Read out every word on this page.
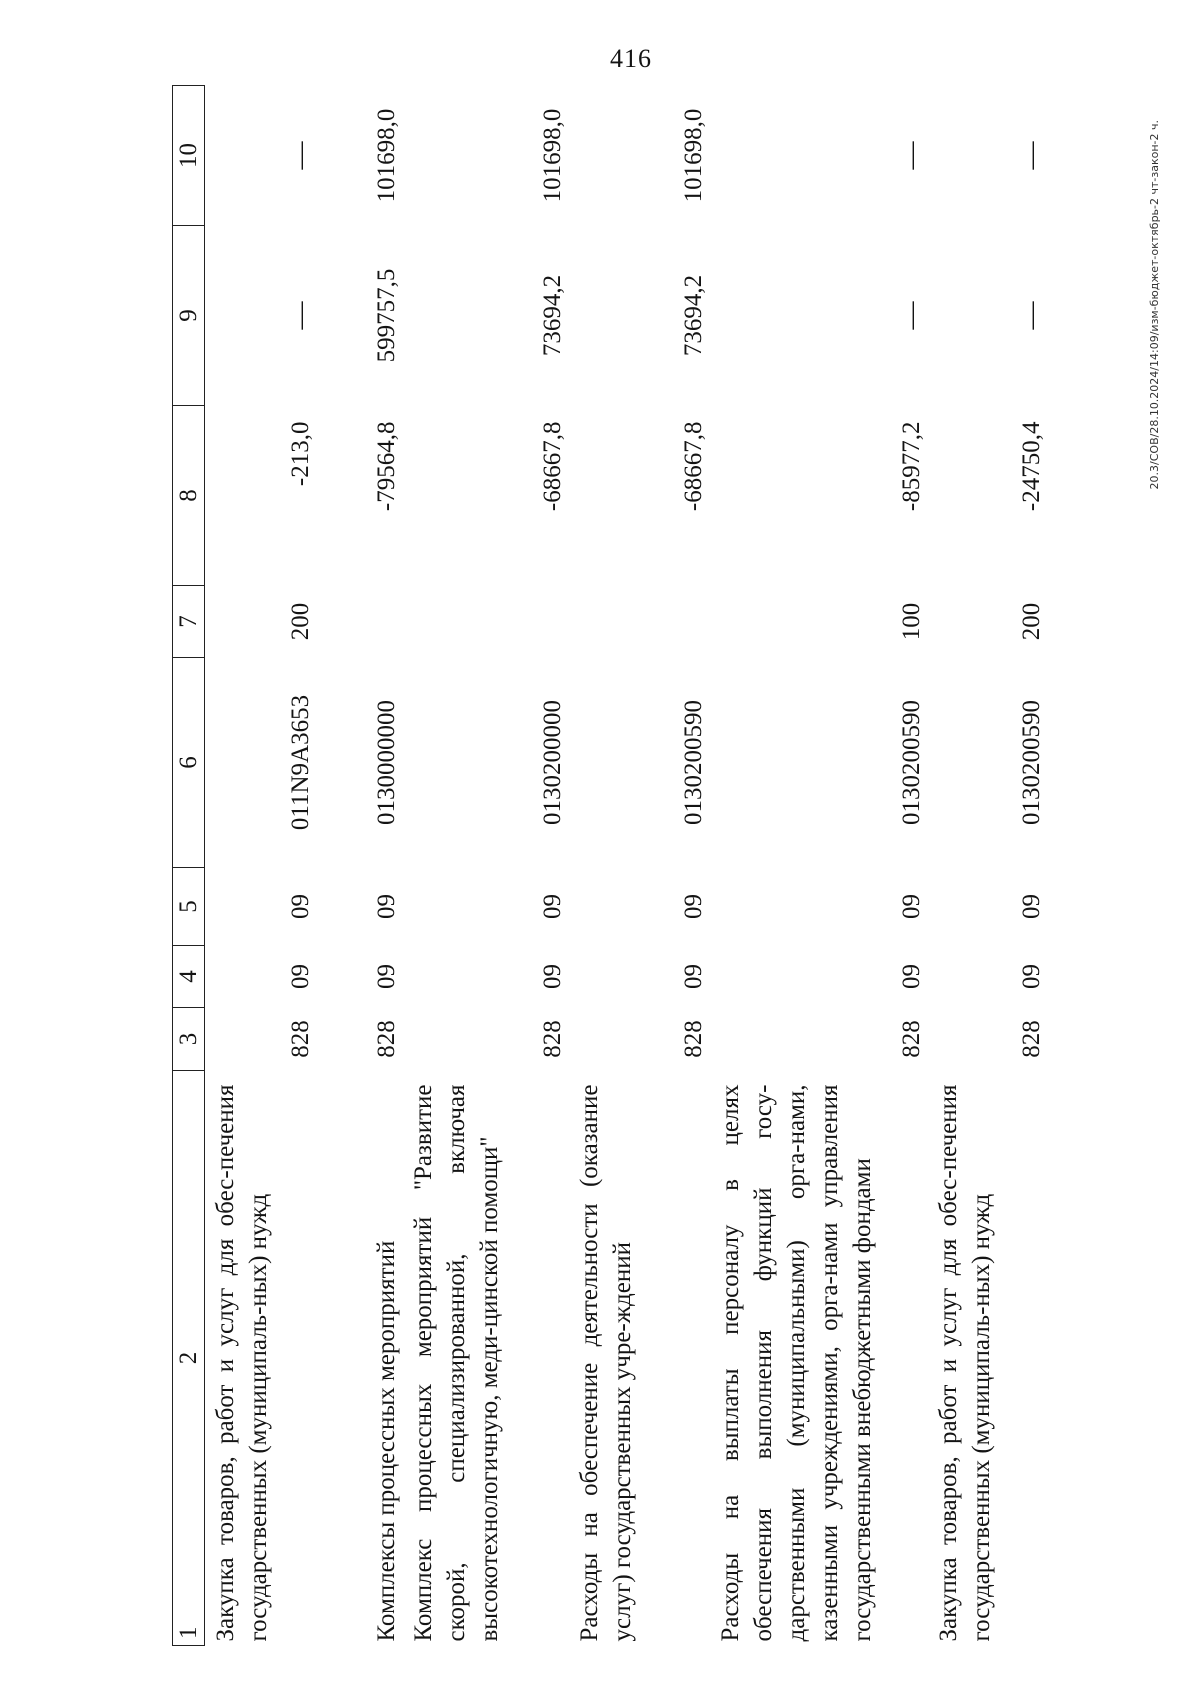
416
20.3/СОВ/28.10.2024/14:09/изм-бюджет-октябрь-2 чт-закон-2 ч.
1	2	3	4	5	6	7	8	9	10
	Закупка товаров, работ и услуг для обес-печения государственных (муниципаль-ных) нужд	828	09	09	011N9A3653	200	-213,0	—	—
	Комплексы процессных мероприятий	828	09	09	0130000000		-79564,8	599757,5	101698,0
	Комплекс процессных мероприятий "Развитие скорой, специализированной, включая высокотехнологичную, меди-цинской помощи"	828	09	09	0130200000		-68667,8	73694,2	101698,0
	Расходы на обеспечение деятельности (оказание услуг) государственных учре-ждений	828	09	09	0130200590		-68667,8	73694,2	101698,0
	Расходы на выплаты персоналу в целях обеспечения выполнения функций госу-дарственными (муниципальными) орга-нами, казенными учреждениями, орга-нами управления государственными внебюджетными фондами	828	09	09	0130200590	100	-85977,2	—	—
	Закупка товаров, работ и услуг для обес-печения государственных (муниципаль-ных) нужд	828	09	09	0130200590	200	-24750,4	—	—
